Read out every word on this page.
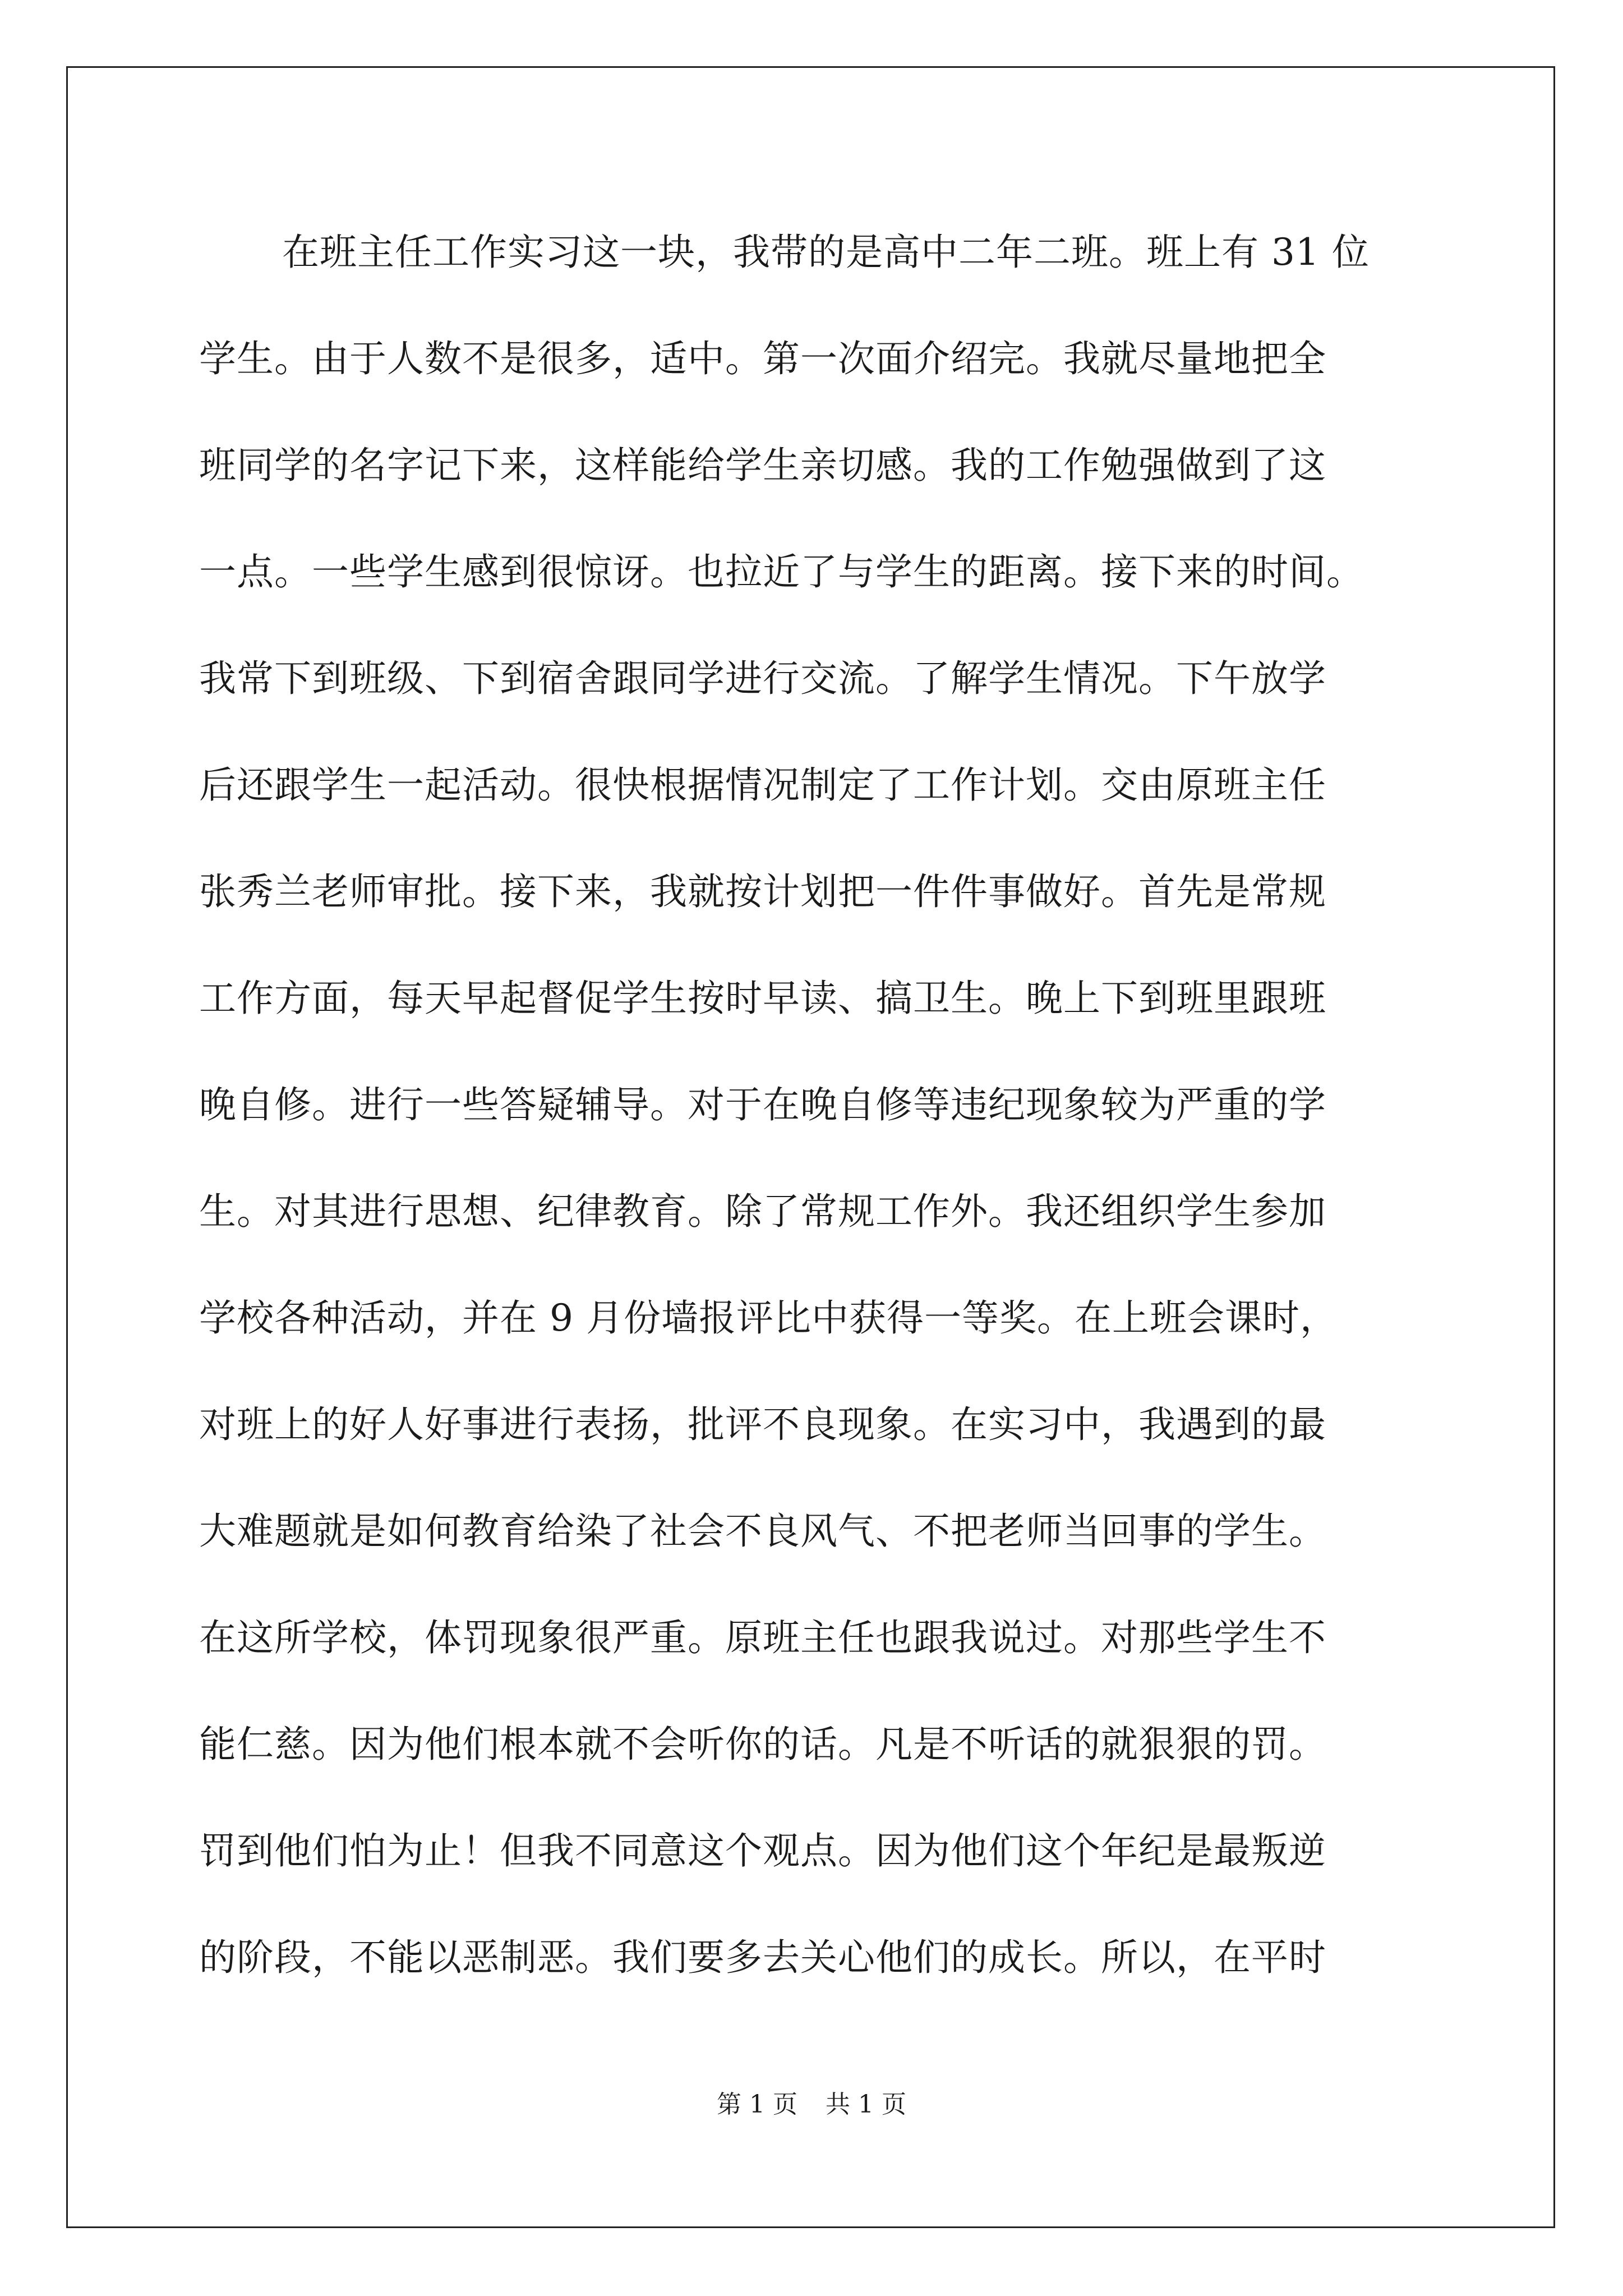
在班主任工作实习这一块，我带的是高中二年二班。班上有 31 位
学生。由于人数不是很多，适中。第一次面介绍完。我就尽量地把全
班同学的名字记下来，这样能给学生亲切感。我的工作勉强做到了这
一点。一些学生感到很惊讶。也拉近了与学生的距离。接下来的时间。
我常下到班级、下到宿舍跟同学进行交流。了解学生情况。下午放学
后还跟学生一起活动。很快根据情况制定了工作计划。交由原班主任
张秀兰老师审批。接下来，我就按计划把一件件事做好。首先是常规
工作方面，每天早起督促学生按时早读、搞卫生。晚上下到班里跟班
晚自修。进行一些答疑辅导。对于在晚自修等违纪现象较为严重的学
生。对其进行思想、纪律教育。除了常规工作外。我还组织学生参加
学校各种活动，并在 9 月份墙报评比中获得一等奖。在上班会课时，
对班上的好人好事进行表扬，批评不良现象。在实习中，我遇到的最
大难题就是如何教育给染了社会不良风气、不把老师当回事的学生。
在这所学校，体罚现象很严重。原班主任也跟我说过。对那些学生不
能仁慈。因为他们根本就不会听你的话。凡是不听话的就狠狠的罚。
罚到他们怕为止！但我不同意这个观点。因为他们这个年纪是最叛逆
的阶段，不能以恶制恶。我们要多去关心他们的成长。所以，在平时
第 1 页 共 1 页
